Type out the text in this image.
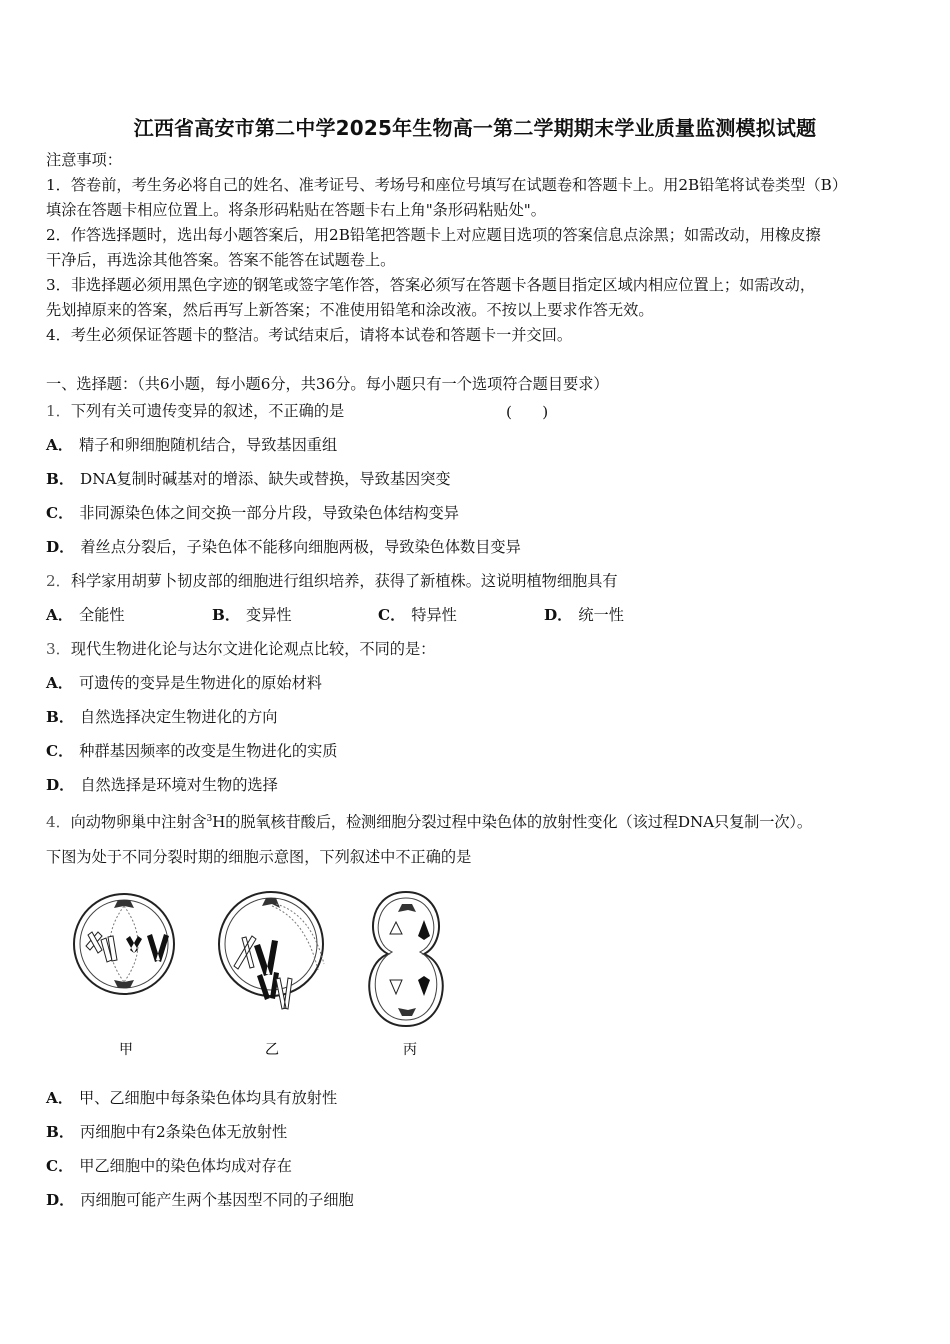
江西省高安市第二中学2025年生物高一第二学期期末学业质量监测模拟试题
注意事项：
1．答卷前，考生务必将自己的姓名、准考证号、考场号和座位号填写在试题卷和答题卡上。用2B铅笔将试卷类型（B）
填涂在答题卡相应位置上。将条形码粘贴在答题卡右上角"条形码粘贴处"。
2．作答选择题时，选出每小题答案后，用2B铅笔把答题卡上对应题目选项的答案信息点涂黑；如需改动，用橡皮擦
干净后，再选涂其他答案。答案不能答在试题卷上。
3．非选择题必须用黑色字迹的钢笔或签字笔作答，答案必须写在答题卡各题目指定区域内相应位置上；如需改动，
先划掉原来的答案，然后再写上新答案；不准使用铅笔和涂改液。不按以上要求作答无效。
4．考生必须保证答题卡的整洁。考试结束后，请将本试卷和答题卡一并交回。
一、选择题：（共6小题，每小题6分，共36分。每小题只有一个选项符合题目要求）
1．下列有关可遗传变异的叙述，不正确的是	(　　)
A． 精子和卵细胞随机结合，导致基因重组
B． DNA复制时碱基对的增添、缺失或替换，导致基因突变
C． 非同源染色体之间交换一部分片段，导致染色体结构变异
D． 着丝点分裂后，子染色体不能移向细胞两极，导致染色体数目变异
2．科学家用胡萝卜韧皮部的细胞进行组织培养，获得了新植株。这说明植物细胞具有
A． 全能性	B． 变异性	C． 特异性	D． 统一性
3．现代生物进化论与达尔文进化论观点比较，不同的是：
A． 可遗传的变异是生物进化的原始材料
B． 自然选择决定生物进化的方向
C． 种群基因频率的改变是生物进化的实质
D． 自然选择是环境对生物的选择
4．向动物卵巢中注射含$^3$H的脱氧核苷酸后，检测细胞分裂过程中染色体的放射性变化（该过程DNA只复制一次）。
下图为处于不同分裂时期的细胞示意图，下列叙述中不正确的是
甲	乙	丙
A． 甲、乙细胞中每条染色体均具有放射性
B． 丙细胞中有2条染色体无放射性
C． 甲乙细胞中的染色体均成对存在
D． 丙细胞可能产生两个基因型不同的子细胞
